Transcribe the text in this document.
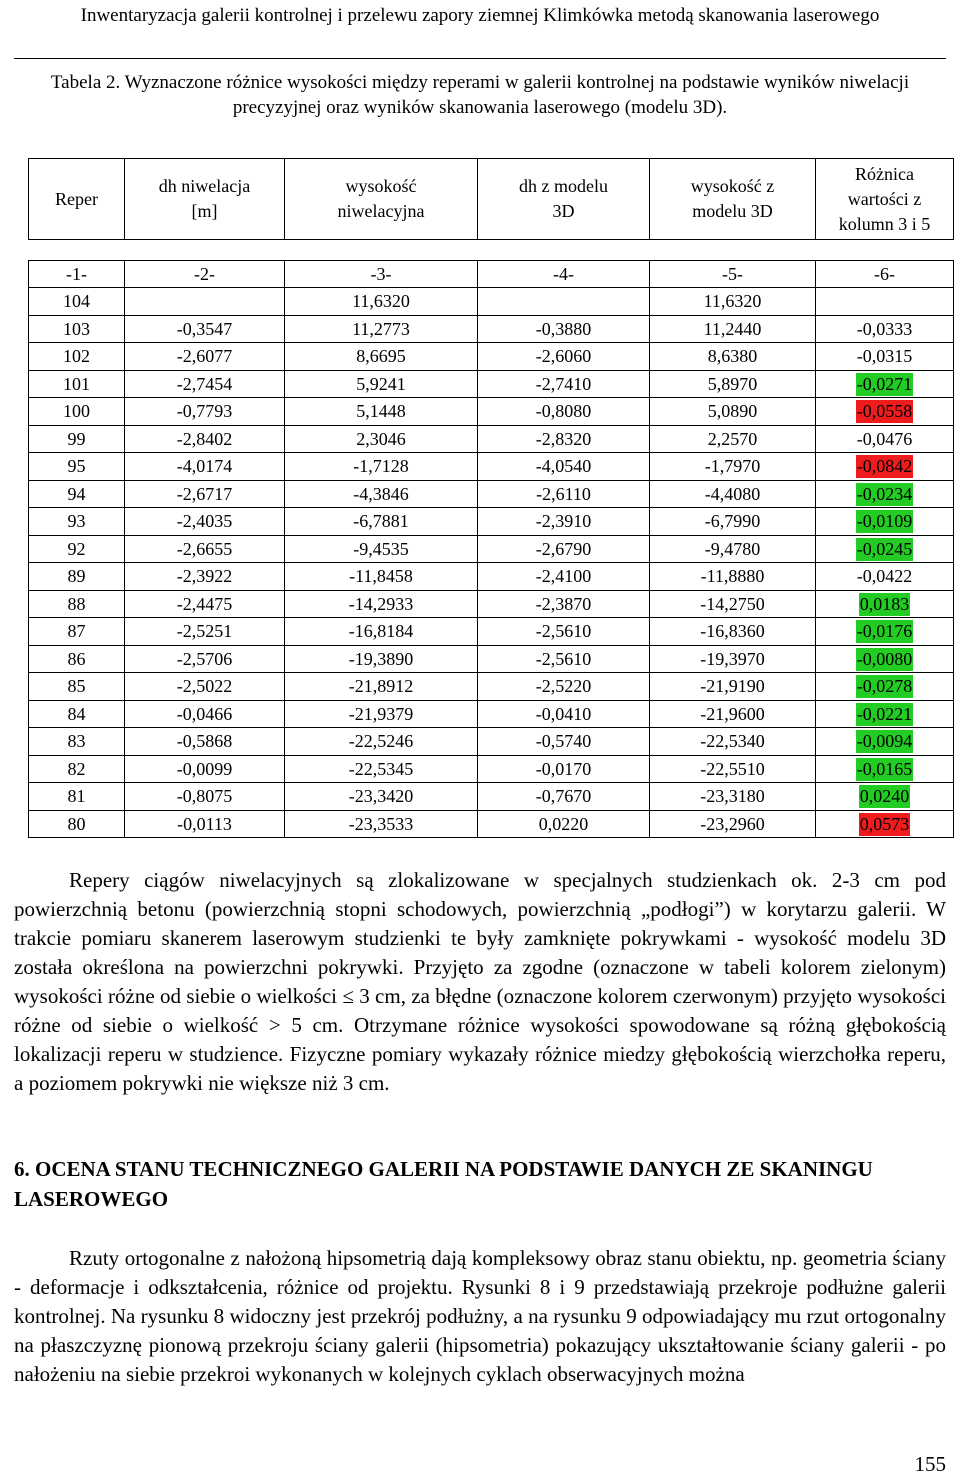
Inwentaryzacja galerii kontrolnej i przelewu zapory ziemnej Klimkówka metodą skanowania laserowego
Tabela 2. Wyznaczone różnice wysokości między reperami w galerii kontrolnej na podstawie wyników niwelacji precyzyjnej oraz wyników skanowania laserowego (modelu 3D).
Reper	dh niwelacja [m]	wysokość niwelacyjna	dh z modelu 3D	wysokość z modelu 3D	Różnica wartości z kolumn 3 i 5

-1-	-2-	-3-	-4-	-5-	-6-
104		11,6320		11,6320	
103	-0,3547	11,2773	-0,3880	11,2440	-0,0333
102	-2,6077	8,6695	-2,6060	8,6380	-0,0315
101	-2,7454	5,9241	-2,7410	5,8970	-0,0271
100	-0,7793	5,1448	-0,8080	5,0890	-0,0558
99	-2,8402	2,3046	-2,8320	2,2570	-0,0476
95	-4,0174	-1,7128	-4,0540	-1,7970	-0,0842
94	-2,6717	-4,3846	-2,6110	-4,4080	-0,0234
93	-2,4035	-6,7881	-2,3910	-6,7990	-0,0109
92	-2,6655	-9,4535	-2,6790	-9,4780	-0,0245
89	-2,3922	-11,8458	-2,4100	-11,8880	-0,0422
88	-2,4475	-14,2933	-2,3870	-14,2750	0,0183
87	-2,5251	-16,8184	-2,5610	-16,8360	-0,0176
86	-2,5706	-19,3890	-2,5610	-19,3970	-0,0080
85	-2,5022	-21,8912	-2,5220	-21,9190	-0,0278
84	-0,0466	-21,9379	-0,0410	-21,9600	-0,0221
83	-0,5868	-22,5246	-0,5740	-22,5340	-0,0094
82	-0,0099	-22,5345	-0,0170	-22,5510	-0,0165
81	-0,8075	-23,3420	-0,7670	-23,3180	0,0240
80	-0,0113	-23,3533	0,0220	-23,2960	0,0573
Repery ciągów niwelacyjnych są zlokalizowane w specjalnych studzienkach ok. 2-3 cm pod powierzchnią betonu (powierzchnią stopni schodowych, powierzchnią „podłogi”) w korytarzu galerii. W trakcie pomiaru skanerem laserowym studzienki te były zamknięte pokrywkami - wysokość modelu 3D została określona na powierzchni pokrywki. Przyjęto za zgodne (oznaczone w tabeli kolorem zielonym) wysokości różne od siebie o wielkości ≤ 3 cm, za błędne (oznaczone kolorem czerwonym) przyjęto wysokości różne od siebie o wielkość > 5 cm. Otrzymane różnice wysokości spowodowane są różną głębokością lokalizacji reperu w studzience. Fizyczne pomiary wykazały różnice miedzy głębokością wierzchołka reperu, a poziomem pokrywki nie większe niż 3 cm.
6. OCENA STANU TECHNICZNEGO GALERII NA PODSTAWIE DANYCH ZE SKANINGU LASEROWEGO
Rzuty ortogonalne z nałożoną hipsometrią dają kompleksowy obraz stanu obiektu, np. geometria ściany - deformacje i odkształcenia, różnice od projektu. Rysunki 8 i 9 przedstawiają przekroje podłużne galerii kontrolnej. Na rysunku 8 widoczny jest przekrój podłużny, a na rysunku 9 odpowiadający mu rzut ortogonalny na płaszczyznę pionową przekroju ściany galerii (hipsometria) pokazujący ukształtowanie ściany galerii - po nałożeniu na siebie przekroi wykonanych w kolejnych cyklach obserwacyjnych można
155
